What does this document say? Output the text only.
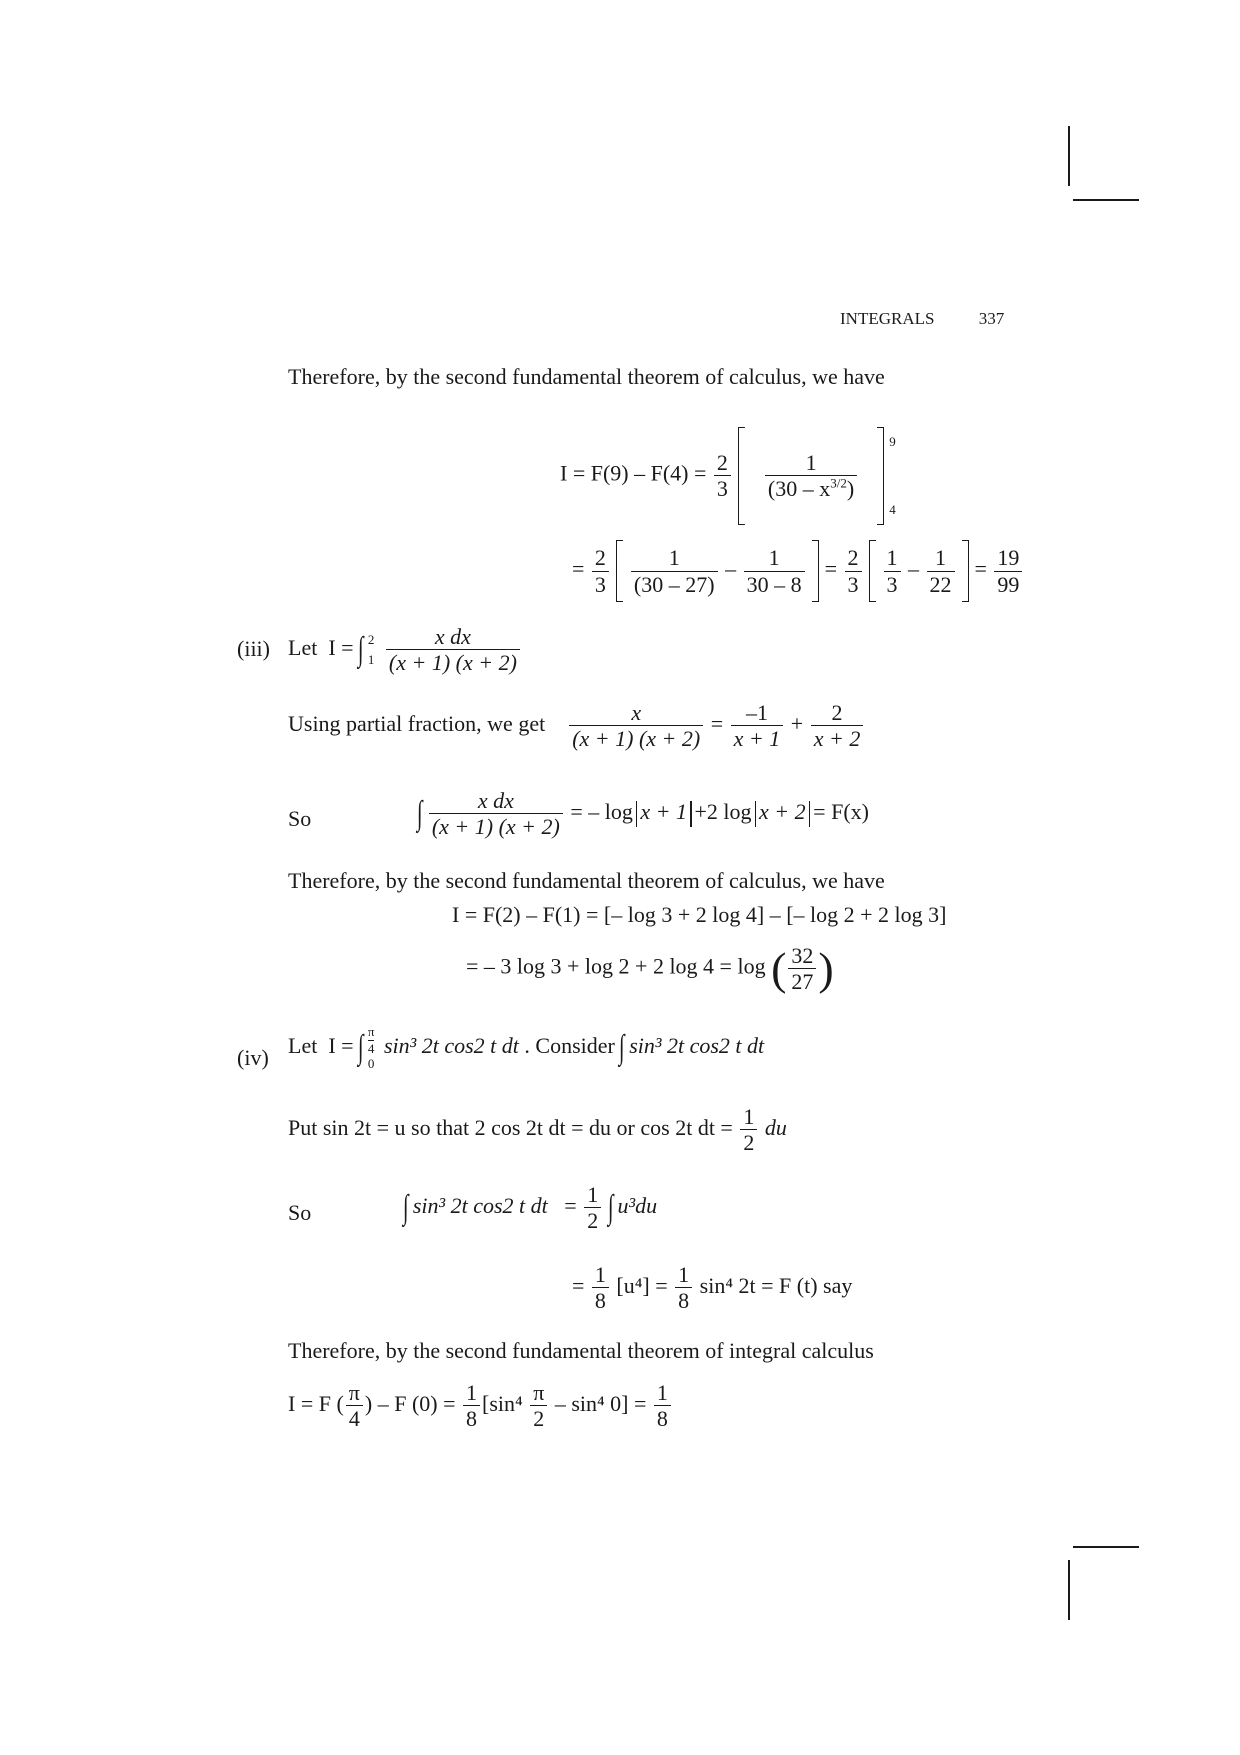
INTEGRALS	337
Therefore, by the second fundamental theorem of calculus, we have
$I = F(9) - F(4) = \frac{2}{3}$
$\frac{1}{(30 - x^{3/2})}$

9
4
= $\frac{2}{3}$
$\frac{1}{(30 - 27)} - \frac{1}{30 - 8} = \frac{2}{3}$
$\frac{1}{3} - \frac{1}{22} = \frac{19}{99}$
(iii) Let I = ∫ 2
1
$\frac{\text{x dx}}{(x + 1) (x + 2)}$
Using partial fraction, we get $\frac{x}{(x + 1) (x + 2)} = \frac{-1}{x + 1} + \frac{2}{x + 2}$
So	∫ $\frac{\text{x dx}}{(x + 1) (x + 2)}$ = – log x + 1 +2 log x + 2 = F(x)
Therefore, by the second fundamental theorem of calculus, we have
I = F(2) – F(1) = [– log 3 + 2 log 4] – [– log 2 + 2 log 3]
= – 3 log 3 + log 2 + 2 log 4 = log ( $\frac{32}{27}$ )
(iv) Let I = ∫ π
4
0
sin³ 2t cos2 t dt . Consider ∫ sin³ 2t cos2 t dt
Put sin 2t = u so that 2 cos 2t dt = du or cos 2t dt = $\frac{1}{2}$ du
So	∫ sin³ 2t cos2 t dt = $\frac{1}{2}$ ∫ u³du
= $\frac{1}{8} [u^4] = \frac{1}{8} \sin^4$ 2t = F (t) say
Therefore, by the second fundamental theorem of integral calculus
I = F ( $\frac{\pi}{4}$ ) – F $(0) = \frac{1}{8} [\sin^4 \frac{\pi}{2} - \sin^4$ $0] = \frac{1}{8}$
